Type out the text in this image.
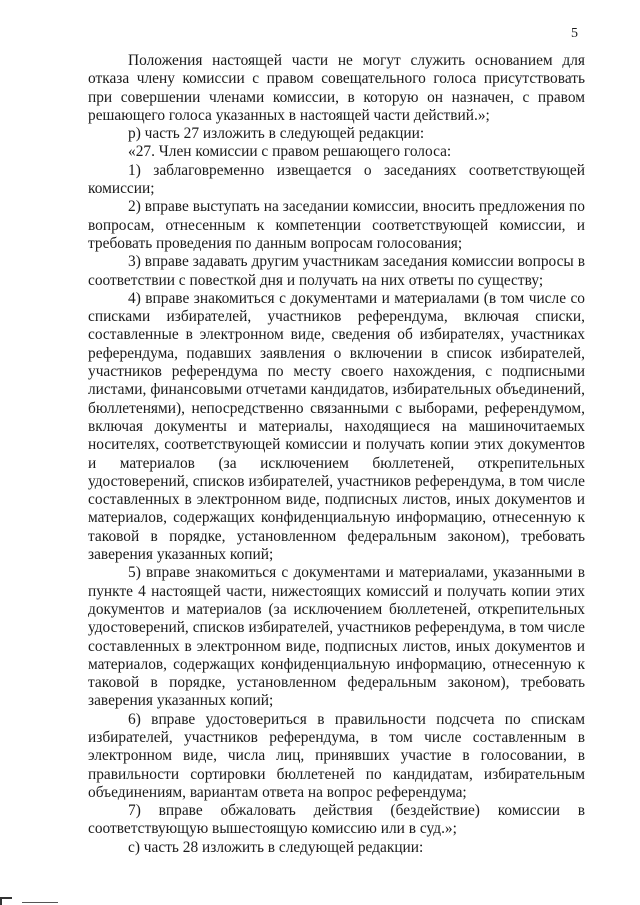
5

Положения настоящей части не могут служить основанием для отказа члену комиссии с правом совещательного голоса присутствовать при совершении членами комиссии, в которую он назначен, с правом решающего голоса указанных в настоящей части действий.»;

р) часть 27 изложить в следующей редакции:

«27. Член комиссии с правом решающего голоса:

1) заблаговременно извещается о заседаниях соответствующей комиссии;

2) вправе выступать на заседании комиссии, вносить предложения по вопросам, отнесенным к компетенции соответствующей комиссии, и требовать проведения по данным вопросам голосования;

3) вправе задавать другим участникам заседания комиссии вопросы в соответствии с повесткой дня и получать на них ответы по существу;

4) вправе знакомиться с документами и материалами (в том числе со списками избирателей, участников референдума, включая списки, составленные в электронном виде, сведения об избирателях, участниках референдума, подавших заявления о включении в список избирателей, участников референдума по месту своего нахождения, с подписными листами, финансовыми отчетами кандидатов, избирательных объединений, бюллетенями), непосредственно связанными с выборами, референдумом, включая документы и материалы, находящиеся на машиночитаемых носителях, соответствующей комиссии и получать копии этих документов и материалов (за исключением бюллетеней, открепительных удостоверений, списков избирателей, участников референдума, в том числе составленных в электронном виде, подписных листов, иных документов и материалов, содержащих конфиденциальную информацию, отнесенную к таковой в порядке, установленном федеральным законом), требовать заверения указанных копий;

5) вправе знакомиться с документами и материалами, указанными в пункте 4 настоящей части, нижестоящих комиссий и получать копии этих документов и материалов (за исключением бюллетеней, открепительных удостоверений, списков избирателей, участников референдума, в том числе составленных в электронном виде, подписных листов, иных документов и материалов, содержащих конфиденциальную информацию, отнесенную к таковой в порядке, установленном федеральным законом), требовать заверения указанных копий;

6) вправе удостовериться в правильности подсчета по спискам избирателей, участников референдума, в том числе составленным в электронном виде, числа лиц, принявших участие в голосовании, в правильности сортировки бюллетеней по кандидатам, избирательным объединениям, вариантам ответа на вопрос референдума;

7) вправе обжаловать действия (бездействие) комиссии в соответствующую вышестоящую комиссию или в суд.»;

с) часть 28 изложить в следующей редакции:
